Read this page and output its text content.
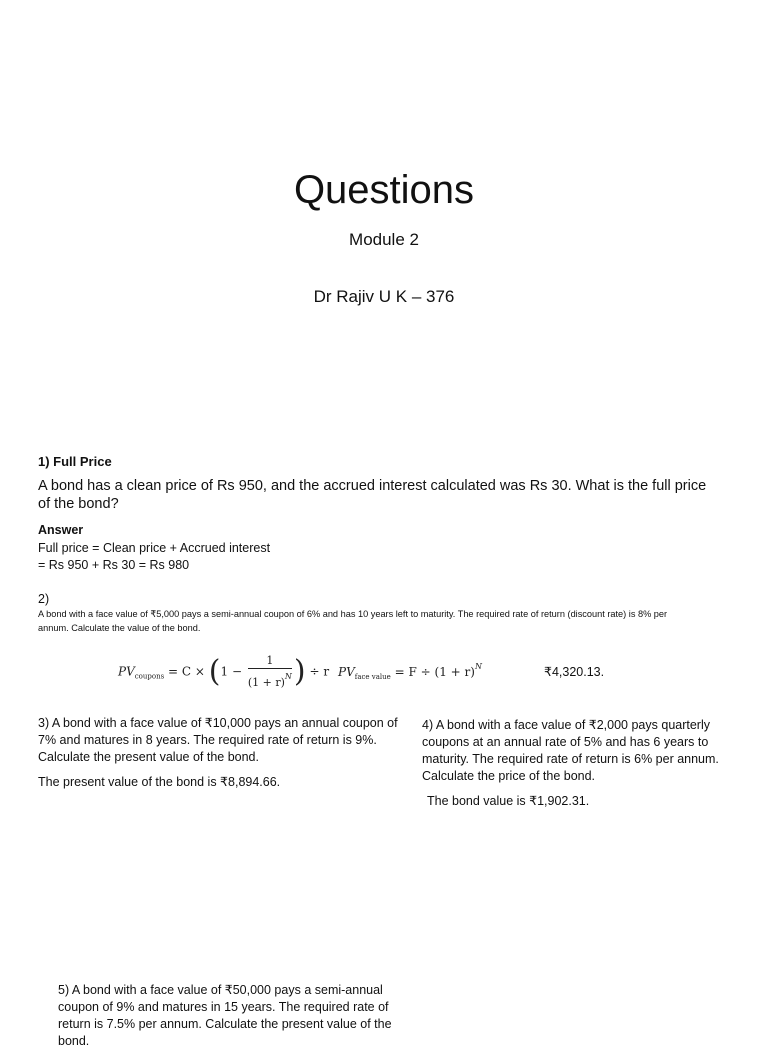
Questions
Module 2
Dr Rajiv U K – 376
1) Full Price
A bond has a clean price of Rs 950, and the accrued interest calculated was Rs 30. What is the full price of the bond?
Answer
Full price = Clean price + Accrued interest
= Rs 950 + Rs 30 = Rs 980
2)
A bond with a face value of ₹5,000 pays a semi-annual coupon of 6% and has 10 years left to maturity. The required rate of return (discount rate) is 8% per annum. Calculate the value of the bond.
$PV_{coupons} = C \times (1 - \frac{1}{(1 + r)^N}$ ) ÷ r $PV_{face value} = F \div (1 + r)^N$	₹4,320.13.
3) A bond with a face value of ₹10,000 pays an annual coupon of 7% and matures in 8 years. The required rate of return is 9%. Calculate the present value of the bond.
The present value of the bond is ₹8,894.66.
4) A bond with a face value of ₹2,000 pays quarterly coupons at an annual rate of 5% and has 6 years to maturity. The required rate of return is 6% per annum. Calculate the price of the bond.
The bond value is ₹1,902.31.
5) A bond with a face value of ₹50,000 pays a semi-annual coupon of 9% and matures in 15 years. The required rate of return is 7.5% per annum. Calculate the present value of the bond.
